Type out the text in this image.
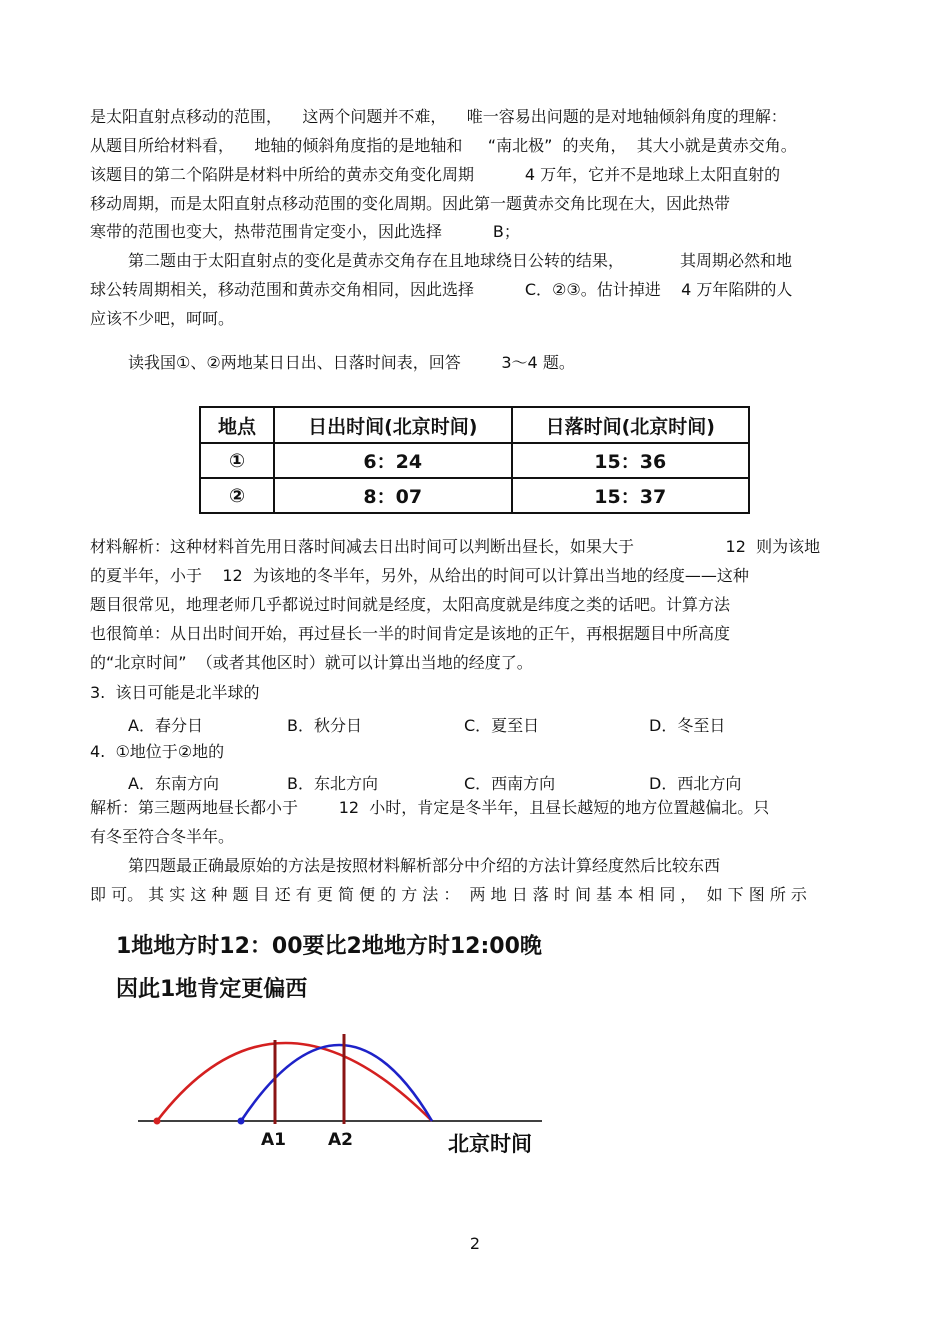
是太阳直射点移动的范围，    这两个问题并不难，    唯一容易出问题的是对地轴倾斜角度的理解：
从题目所给材料看，    地轴的倾斜角度指的是地轴和     “南北极”  的夹角，  其大小就是黄赤交角。
该题目的第二个陷阱是材料中所给的黄赤交角变化周期          4 万年，它并不是地球上太阳直射的
移动周期，而是太阳直射点移动范围的变化周期。因此第一题黄赤交角比现在大，因此热带
寒带的范围也变大，热带范围肯定变小，因此选择          B；
第二题由于太阳直射点的变化是黄赤交角存在且地球绕日公转的结果，           其周期必然和地
球公转周期相关，移动范围和黄赤交角相同，因此选择          C．②③。估计掉进    4 万年陷阱的人
应该不少吧，呵呵。
读我国①、②两地某日日出、日落时间表，回答        3～4 题。
地点	日出时间(北京时间)	日落时间(北京时间)
①	6：24	15：36
②	8：07	15：37
材料解析：这种材料首先用日落时间减去日出时间可以判断出昼长，如果大于                  12  则为该地
的夏半年，小于    12  为该地的冬半年，另外，从给出的时间可以计算出当地的经度——这种
题目很常见，地理老师几乎都说过时间就是经度，太阳高度就是纬度之类的话吧。计算方法
也很简单：从日出时间开始，再过昼长一半的时间肯定是该地的正午，再根据题目中所高度
的“北京时间”  （或者其他区时）就可以计算出当地的经度了。
3.  该日可能是北半球的
A．春分日	B．秋分日	C．夏至日	D．冬至日
4.  ①地位于②地的
A．东南方向	B．东北方向	C．西南方向	D．西北方向
解析：第三题两地昼长都小于        12  小时，肯定是冬半年，且昼长越短的地方位置越偏北。只
有冬至符合冬半年。
第四题最正确最原始的方法是按照材料解析部分中介绍的方法计算经度然后比较东西
即 可。 其 实 这 种 题 目 还 有 更 简 便 的 方 法 ：  两 地 日 落 时 间 基 本 相 同 ，  如 下 图 所 示
1地地方时12：00要比2地地方时12:00晚
因此1地肯定更偏西
A1 A2	北京时间
2
